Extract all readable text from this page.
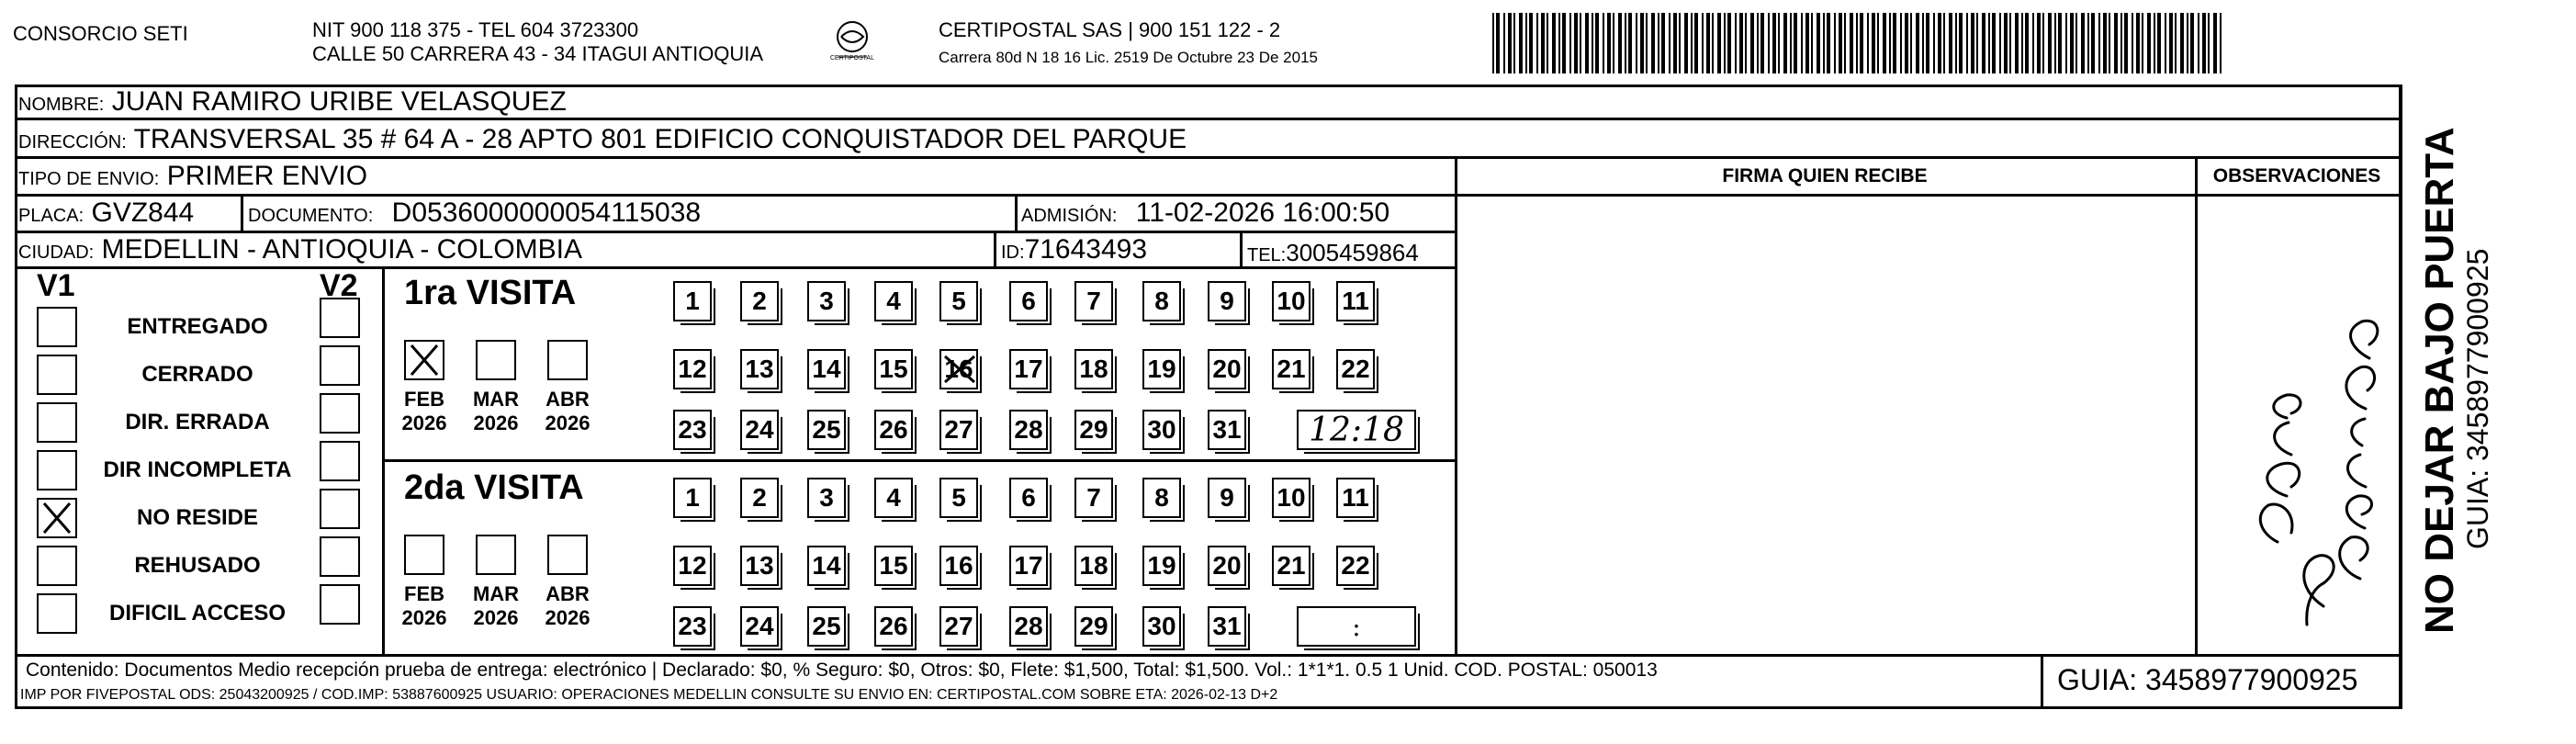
CONSORCIO SETI	NIT 900 118 375 - TEL 604 3723300
CALLE 50 CARRERA 43 - 34 ITAGUI ANTIOQUIA	CERTIPOSTAL
CERTIPOSTAL SAS | 900 151 122 - 2
Carrera 80d N 18 16 Lic. 2519 De Octubre 23 De 2015
NOMBRE: JUAN RAMIRO URIBE VELASQUEZ
DIRECCIÓN: TRANSVERSAL 35 # 64 A - 28 APTO 801 EDIFICIO CONQUISTADOR DEL PARQUE
TIPO DE ENVIO: PRIMER ENVIO	FIRMA QUIEN RECIBE	OBSERVACIONES
PLACA: GVZ844	DOCUMENTO: D0536000000054115038	ADMISIÓN: 11-02-2026 16:00:50
CIUDAD: MEDELLIN - ANTIOQUIA - COLOMBIA	ID:71643493	TEL:3005459864
V1	V2
ENTREGADO
CERRADO
DIR. ERRADA
DIR INCOMPLETA
NO RESIDE
REHUSADO
DIFICIL ACCESO
1ra VISITA
FEB
2026
MAR
2026
ABR
2026
1 2 3 4 5 6 7 8 9 10 11
12 13 14 15 16 17 18 19 20 21 22
23 24 25 26 27 28 29 30 31	12:18
2da VISITA
FEB
2026
MAR
2026
ABR
2026
1 2 3 4 5 6 7 8 9 10 11
12 13 14 15 16 17 18 19 20 21 22
23 24 25 26 27 28 29 30 31	:
Contenido: Documentos Medio recepción prueba de entrega: electrónico | Declarado: $0, % Seguro: $0, Otros: $0, Flete: $1,500, Total: $1,500. Vol.: 1*1*1. 0.5 1 Unid. COD. POSTAL: 050013
IMP POR FIVEPOSTAL ODS: 25043200925 / COD.IMP: 53887600925 USUARIO: OPERACIONES MEDELLIN CONSULTE SU ENVIO EN: CERTIPOSTAL.COM SOBRE ETA: 2026-02-13 D+2	GUIA: 3458977900925
NO DEJAR BAJO PUERTA GUIA: 3458977900925
